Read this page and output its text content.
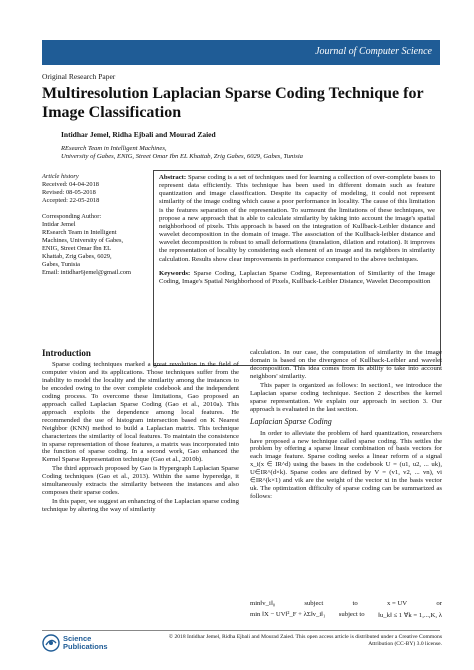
Journal of Computer Science
Original Research Paper
Multiresolution Laplacian Sparse Coding Technique for Image Classification
Intidhar Jemel, Ridha Ejbali and Mourad Zaied
REsearch Team in Intelligent Machines,
University of Gabes, ENIG, Street Omar Ibn EL Khattab, Zrig Gabes, 6029, Gabes, Tunisia
Article history
Received: 04-04-2018
Revised: 08-05-2018
Accepted: 22-05-2018
Corresponding Author:
Intidar Jemel
REsearch Team in Intelligent
Machines, University of Gabes,
ENIG, Street Omar Ibn EL
Khattab, Zrig Gabes, 6029,
Gabes, Tunisia
Email: intidhar6jemel@gmail.com
Abstract: Sparse coding is a set of techniques used for learning a collection of over-complete bases to represent data efficiently. This technique has been used in different domain such as feature quantization and image classification. Despite its capacity of modeling, it could not represent similarity of the image coding which cause a poor performance in locality. The cause of this limitation is the features separation of the representation. To surmount the limitations of these techniques, we propose a new approach that is able to calculate similarity by taking into account the image's spatial neighborhood of pixels. This approach is based on the integration of Kullback-Leibler distance and wavelet decomposition in the domain of image. The association of the Kullback-leibler distance and wavelet decomposition is robust to small deformations (translation, dilation and rotation). It improves the representation of locality by considering each element of an image and its neighbors in similarity calculation. Results show clear improvements in performance compared to the above techniques.
Keywords: Sparse Coding, Laplacian Sparse Coding, Representation of Similarity of the Image Coding, Image's Spatial Neighborhood of Pixels, Kullback-Leibler Distance, Wavelet Decomposition
Introduction

Sparse coding techniques marked a great revolution in the field of computer vision and its applications. Those techniques suffer from the inability to model the locality and the similarity among the instances to be encoded owing to the over complete codebook and the independent coding process. To overcome these limitations, Gao proposed an approach called Laplacian Sparse Coding (Gao et al., 2010a). This approach exploits the dependence among local features. He recommended the use of histogram intersection based on K Nearest Neighbor (KNN) method to build a Laplacian matrix. This technique characterizes the similarity of local features. To maintain the consistence in sparse representation of those features, a matrix was incorporated into the function of sparse coding. In a second work, Gao enhanced the Kernel Sparse Representation technique (Gao et al., 2010b).

The third approach proposed by Gao is Hypergraph Laplacian Sparse Coding techniques (Gao et al., 2013). Within the same hyperedge, it simultaneously extracts the similarity between the instances and also composes their sparse codes.

In this paper, we suggest an enhancing of the Laplacian sparse coding technique by altering the way of similarity

calculation. In our case, the computation of similarity in the image domain is based on the divergence of Kullback-Leibler and wavelet decomposition. This idea comes from its ability to take into account neighbors' similarity.

This paper is organized as follows: In section1, we introduce the Laplacian sparse coding technique. Section 2 describes the kernel sparse representation. We explain our approach in section 3. Our approach is evaluated in the last section.

Laplacian Sparse Coding

In order to alleviate the problem of hard quantization, researchers have proposed a new technique called sparse coding. This settles the problem by offering a sparse linear combination of basis vectors for each image feature. Sparse coding seeks a linear reform of a signal x_i(x ∈ IR^d) using the bases in the codebook U = (u1, u2, ... uk), U∈IR^(d×k). Sparse codes are defined by V = (v1, v2, ... vn), vi ∈IR^(k×1) and vik are the weight of the vector xi in the basis vector uk. The optimization difficulty of sparse coding can be summarized as follows:

min‖v_i‖₀	subject	to	x = UV	or
min ‖X − UV‖²_F + λΣ‖v_i‖₁ subject to ‖u_k‖ ≤ 1 ∀k = 1,...,K, λ
Science
Publications
© 2018 Intidhar Jemel, Ridha Ejbali and Mourad Zaied. This open access article is distributed under a Creative Commons
Attribution (CC-BY) 3.0 license.
